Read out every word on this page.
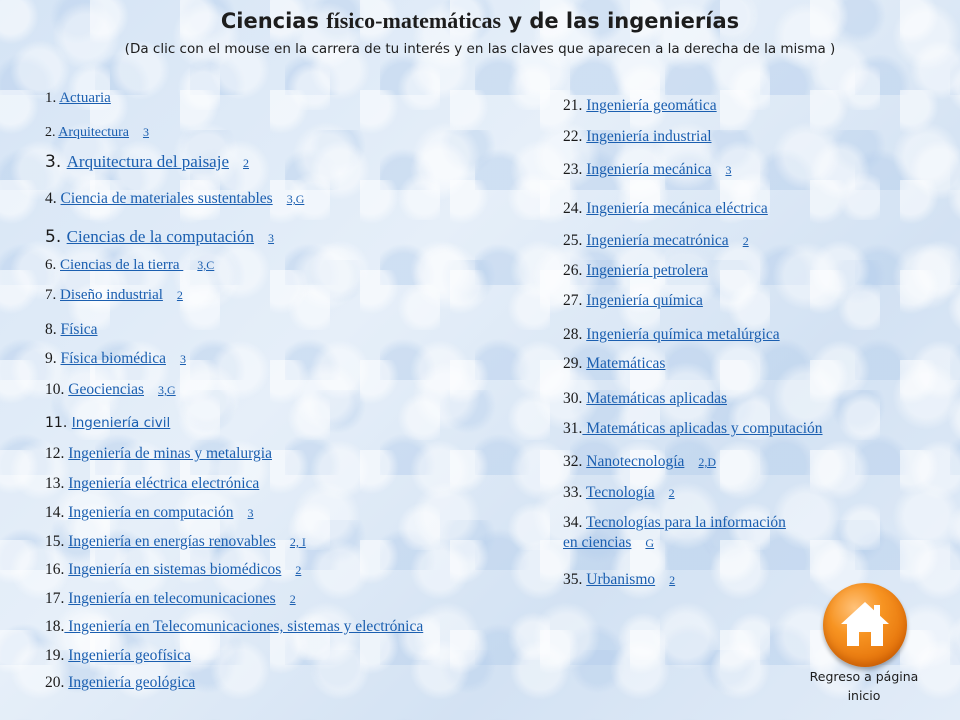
Ciencias físico-matemáticas y de las ingenierías
(Da clic con el mouse en la carrera de tu interés y en las claves que aparecen a la derecha de la misma )
1. Actuaria
2. Arquitectura 3
3. Arquitectura del paisaje 2
4. Ciencia de materiales sustentables 3,G
5. Ciencias de la computación 3
6. Ciencias de la tierra 3,C
7. Diseño industrial 2
8. Física
9. Física biomédica 3
10. Geociencias 3,G
11. Ingeniería civil
12. Ingeniería de minas y metalurgia
13. Ingeniería eléctrica electrónica
14. Ingeniería en computación 3
15. Ingeniería en energías renovables 2, I
16. Ingeniería en sistemas biomédicos 2
17. Ingeniería en telecomunicaciones 2
18. Ingeniería en Telecomunicaciones, sistemas y electrónica
19. Ingeniería geofísica
20. Ingeniería geológica
21. Ingeniería geomática
22. Ingeniería industrial
23. Ingeniería mecánica 3
24. Ingeniería mecánica eléctrica
25. Ingeniería mecatrónica 2
26. Ingeniería petrolera
27. Ingeniería química
28. Ingeniería química metalúrgica
29. Matemáticas
30. Matemáticas aplicadas
31. Matemáticas aplicadas y computación
32. Nanotecnología 2,D
33. Tecnología 2
34. Tecnologías para la información
35. Urbanismo 2
en ciencias G
Regreso a página
inicio
